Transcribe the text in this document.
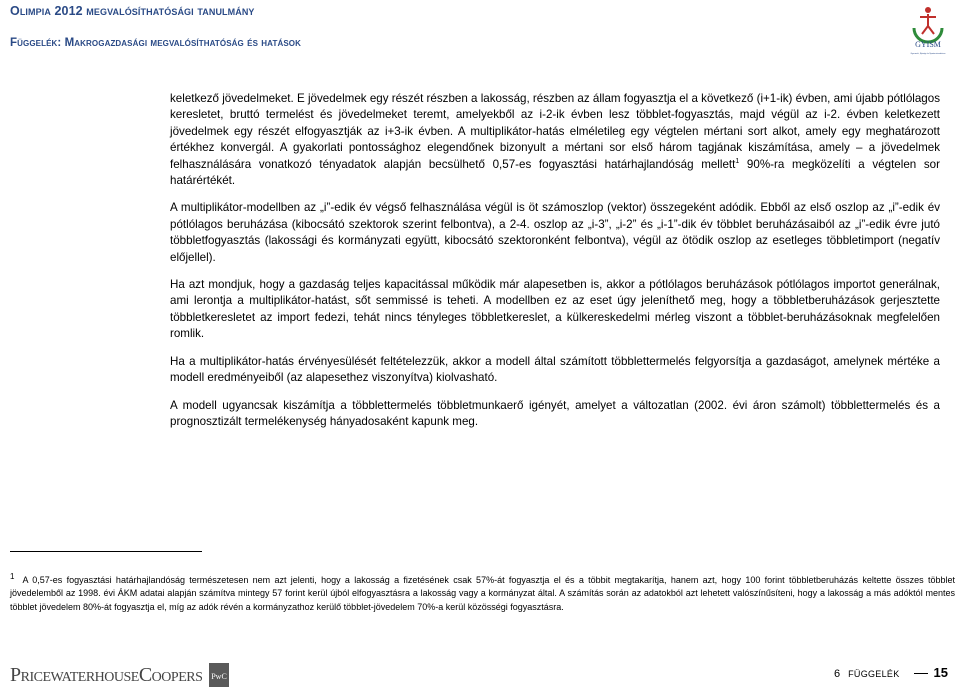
Olimpia 2012 megvalósíthatósági tanulmány
Függelék: Makrogazdasági megvalósíthatóság és hatások	GYISM
Gyermek, Ifjúsági és Sportminisztérium

keletkező jövedelmeket. E jövedelmek egy részét részben a lakosság, részben az állam fogyasztja el a következő (i+1-ik) évben, ami újabb pótlólagos keresletet, bruttó termelést és jövedelmeket teremt, amelyekből az i-2-ik évben lesz többlet-fogyasztás, majd végül az i-2. évben keletkezett jövedelmek egy részét elfogyasztják az i+3-ik évben. A multiplikátor-hatás elméletileg egy végtelen mértani sort alkot, amely egy meghatározott értékhez konvergál. A gyakorlati pontossághoz elegendőnek bizonyult a mértani sor első három tagjának kiszámítása, amely – a jövedelmek felhasználására vonatkozó tényadatok alapján becsülhető 0,57-es fogyasztási határhajlandóság mellett$^1$ 90%-ra megközelíti a végtelen sor határértékét.

A multiplikátor-modellben az „i”-edik év végső felhasználása végül is öt számoszlop (vektor) összegeként adódik. Ebből az első oszlop az „i”-edik év pótlólagos beruházása (kibocsátó szektorok szerint felbontva), a 2-4. oszlop az „i-3”, „i-2” és „i-1”-dik év többlet beruházásaiból az „i”-edik évre jutó többletfogyasztás (lakossági és kormányzati együtt, kibocsátó szektoronként felbontva), végül az ötödik oszlop az esetleges többletimport (negatív előjellel).

Ha azt mondjuk, hogy a gazdaság teljes kapacitással működik már alapesetben is, akkor a pótlólagos beruházások pótlólagos importot generálnak, ami lerontja a multiplikátor-hatást, sőt semmissé is teheti. A modellben ez az eset úgy jeleníthető meg, hogy a többletberuházások gerjesztette többletkeresletet az import fedezi, tehát nincs tényleges többletkereslet, a külkereskedelmi mérleg viszont a többlet-beruházásoknak megfelelően romlik.

Ha a multiplikátor-hatás érvényesülését feltételezzük, akkor a modell által számított többlettermelés felgyorsítja a gazdaságot, amelynek mértéke a modell eredményeiből (az alapesethez viszonyítva) kiolvasható.

A modell ugyancsak kiszámítja a többlettermelés többletmunkaerő igényét, amelyet a változatlan (2002. évi áron számolt) többlettermelés és a prognosztizált termelékenység hányadosaként kapunk meg.

1 A 0,57-es fogyasztási határhajlandóság természetesen nem azt jelenti, hogy a lakosság a fizetésének csak 57%-át fogyasztja el és a többit megtakarítja, hanem azt, hogy 100 forint többletberuházás keltette összes többlet jövedelemből az 1998. évi ÁKM adatai alapján számítva mintegy 57 forint kerül újból elfogyasztásra a lakosság vagy a kormányzat által. A számítás során az adatokból azt lehetett valószínűsíteni, hogy a lakosság a más adóktól mentes többlet jövedelem 80%-át fogyasztja el, míg az adók révén a kormányzathoz kerülő többlet-jövedelem 70%-a kerül közösségi fogyasztásra.
PricewaterhouseCoopers PwC	6 FÜGGELÉK	15
